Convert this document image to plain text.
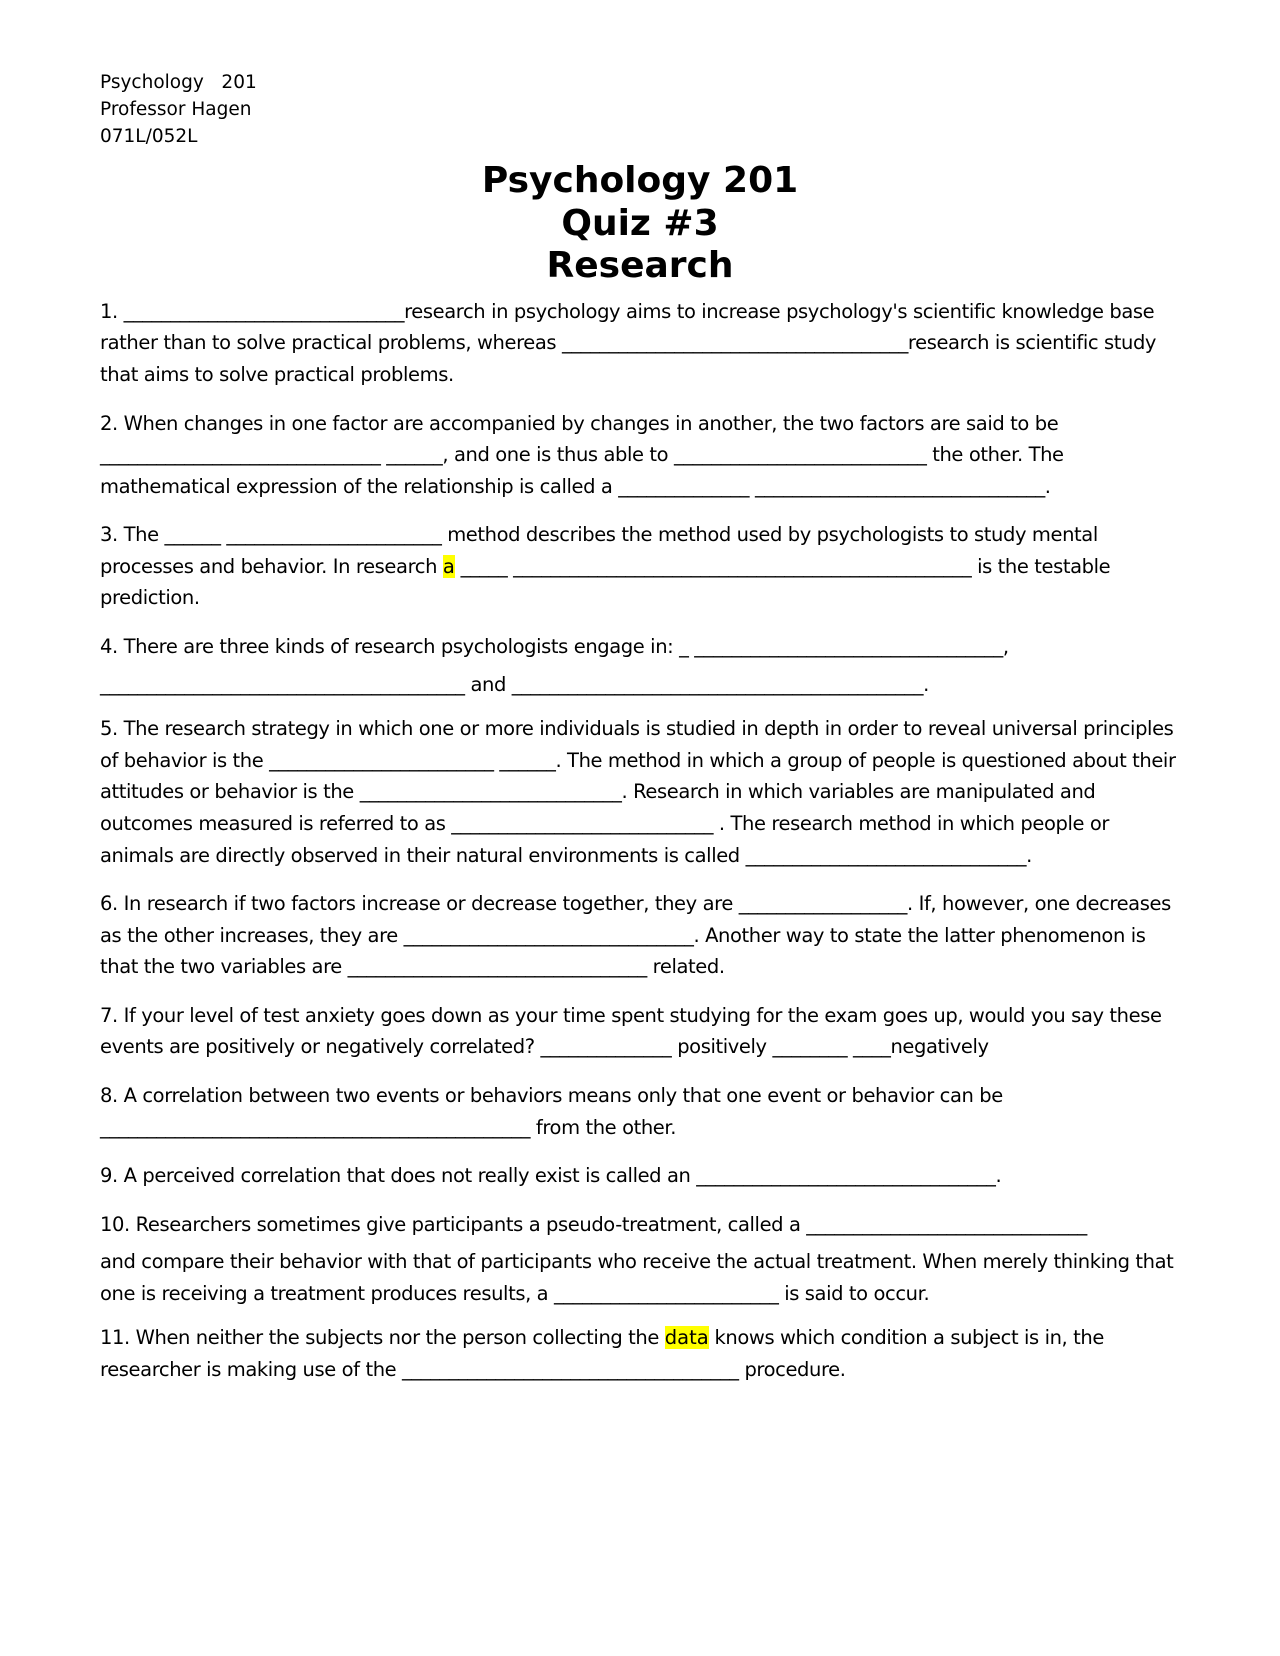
Psychology   201
Professor Hagen
071L/052L
Psychology 201
Quiz #3
Research

1. ______________________________research in psychology aims to increase psychology's scientific knowledge base rather than to solve practical problems, whereas _____________________________________research is scientific study that aims to solve practical problems.

2. When changes in one factor are accompanied by changes in another, the two factors are said to be ______________________________ ______, and one is thus able to ___________________________ the other. The mathematical expression of the relationship is called a ______________ _______________________________.

3. The ______ _______________________ method describes the method used by psychologists to study mental processes and behavior. In research a _____ _________________________________________________ is the testable prediction.

4. There are three kinds of research psychologists engage in: _ _________________________________,
_______________________________________ and ____________________________________________.

5. The research strategy in which one or more individuals is studied in depth in order to reveal universal principles of behavior is the ________________________ ______. The method in which a group of people is questioned about their attitudes or behavior is the ____________________________. Research in which variables are manipulated and outcomes measured is referred to as ____________________________ . The research method in which people or animals are directly observed in their natural environments is called ______________________________.

6. In research if two factors increase or decrease together, they are __________________. If, however, one decreases as the other increases, they are _______________________________. Another way to state the latter phenomenon is that the two variables are ________________________________ related.

7. If your level of test anxiety goes down as your time spent studying for the exam goes up, would you say these events are positively or negatively correlated? ______________ positively ________ ____negatively

8. A correlation between two events or behaviors means only that one event or behavior can be ______________________________________________ from the other.

9. A perceived correlation that does not really exist is called an ________________________________.

10. Researchers sometimes give participants a pseudo-treatment, called a ______________________________
and compare their behavior with that of participants who receive the actual treatment. When merely thinking that one is receiving a treatment produces results, a ________________________ is said to occur.

11. When neither the subjects nor the person collecting the data knows which condition a subject is in, the researcher is making use of the ____________________________________ procedure.
